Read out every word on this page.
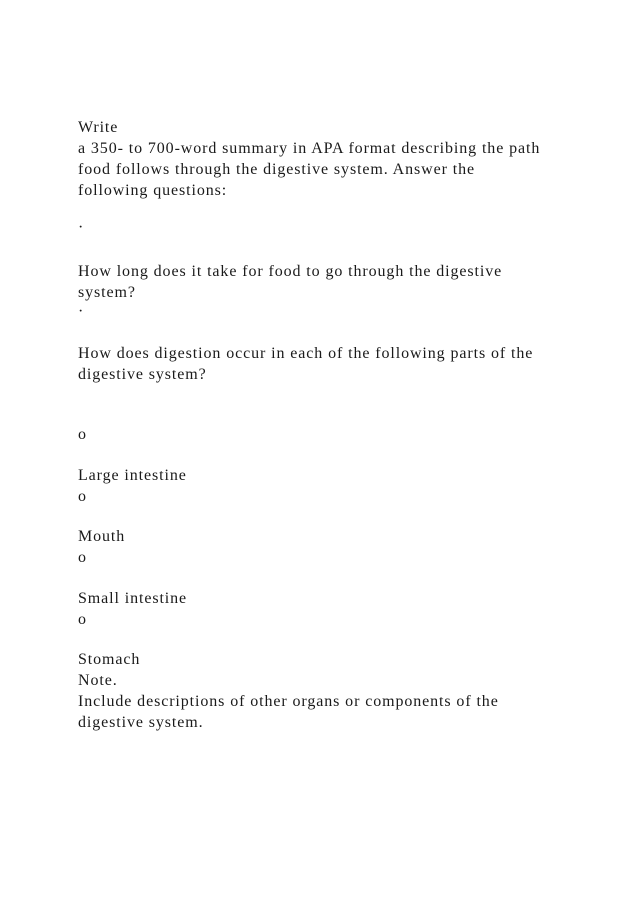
Write
a 350- to 700-word summary in APA format describing the path
food follows through the digestive system. Answer the
following questions:
·
How long does it take for food to go through the digestive
system?
·
How does digestion occur in each of the following parts of the
digestive system?
o
Large intestine
o
Mouth
o
Small intestine
o
Stomach
Note.
Include descriptions of other organs or components of the
digestive system.
